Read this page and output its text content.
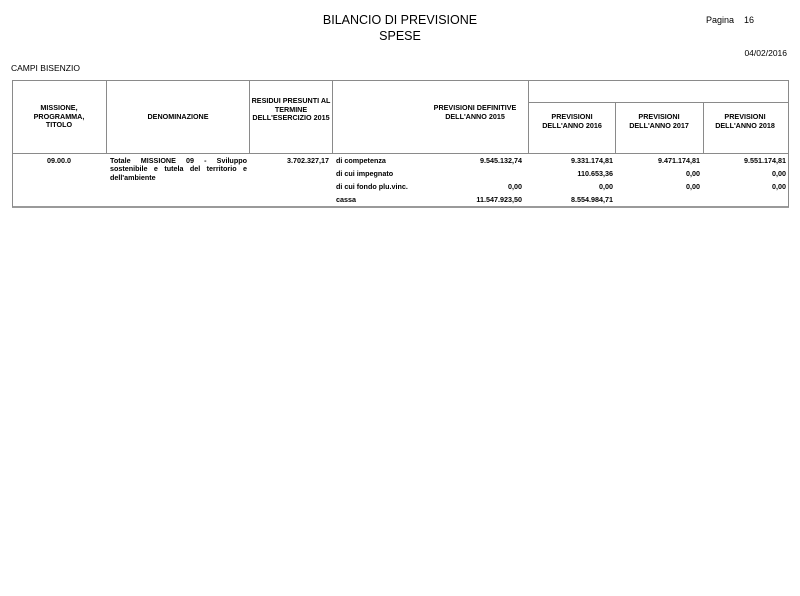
BILANCIO DI PREVISIONE
SPESE
Pagina 16
04/02/2016
CAMPI BISENZIO
MISSIONE, PROGRAMMA, TITOLO
DENOMINAZIONE
RESIDUI PRESUNTI AL TERMINE DELL'ESERCIZIO 2015
PREVISIONI DEFINITIVE DELL'ANNO 2015	PREVISIONI DELL'ANNO 2016
PREVISIONI DELL'ANNO 2017
PREVISIONI DELL'ANNO 2018
09.00.0	Totale MISSIONE 09 - Sviluppo sostenibile e tutela del territorio e dell'ambiente
3.702.327,17 di competenza
di cui impegnato
di cui fondo plu.vinc.
cassa
9.545.132,74
0,00
11.547.923,50
9.331.174,81
110.653,36
0,00
8.554.984,71
9.471.174,81
0,00
0,00
9.551.174,81
0,00
0,00
